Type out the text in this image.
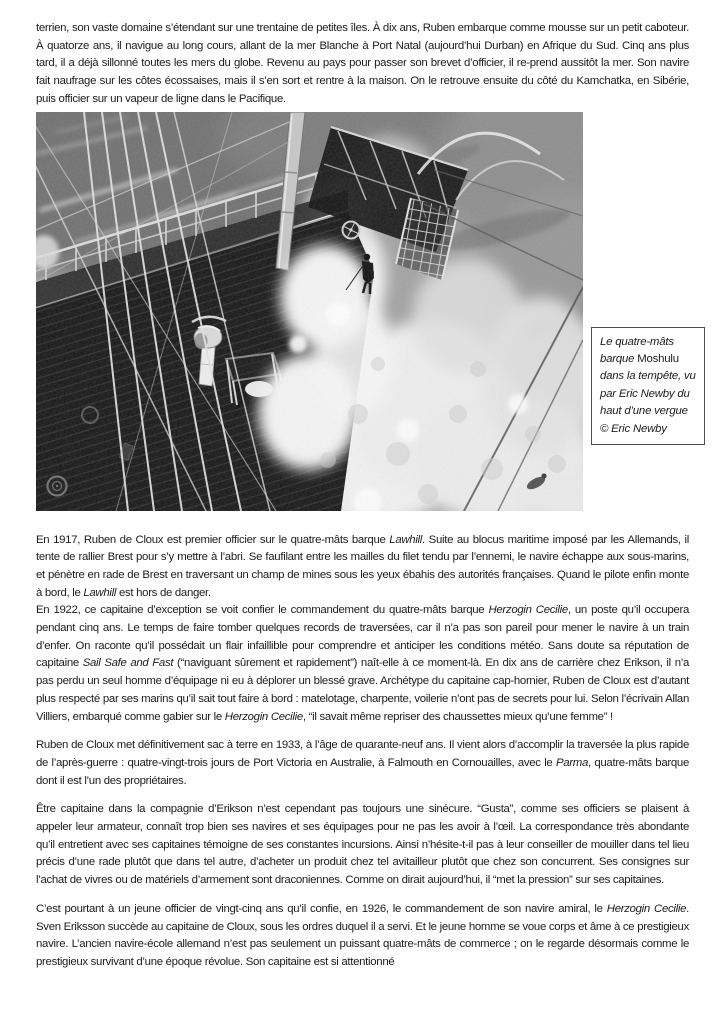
terrien, son vaste domaine s’étendant sur une trentaine de petites îles. À dix ans, Ruben embarque comme mousse sur un petit caboteur. À quatorze ans, il navigue au long cours, allant de la mer Blanche à Port Natal (aujourd’hui Durban) en Afrique du Sud. Cinq ans plus tard, il a déjà sillonné toutes les mers du globe. Revenu au pays pour passer son brevet d’officier, il re-prend aussitôt la mer. Son navire fait naufrage sur les côtes écossaises, mais il s’en sort et rentre à la maison. On le retrouve ensuite du côté du Kamchatka, en Sibérie, puis officier sur un vapeur de ligne dans le Pacifique.

Le quatre-mâts barque Moshulu dans la tempête, vu par Eric Newby du haut d’une vergue © Eric Newby

En 1917, Ruben de Cloux est premier officier sur le quatre-mâts barque Lawhill. Suite au blocus maritime imposé par les Allemands, il tente de rallier Brest pour s’y mettre à l’abri. Se faufilant entre les mailles du filet tendu par l’ennemi, le navire échappe aux sous-marins, et pénètre en rade de Brest en traversant un champ de mines sous les yeux ébahis des autorités françaises. Quand le pilote enfin monte à bord, le Lawhill est hors de danger.

En 1922, ce capitaine d’exception se voit confier le commandement du quatre-mâts barque Herzogin Cecilie, un poste qu’il occupera pendant cinq ans. Le temps de faire tomber quelques records de traversées, car il n’a pas son pareil pour mener le navire à un train d’enfer. On raconte qu’il possédait un flair infaillible pour comprendre et anticiper les conditions météo. Sans doute sa réputation de capitaine Sail Safe and Fast (“naviguant sûrement et rapidement”) naît-elle à ce moment-là. En dix ans de carrière chez Erikson, il n’a pas perdu un seul homme d’équipage ni eu à déplorer un blessé grave. Archétype du capitaine cap-hornier, Ruben de Cloux est d’autant plus respecté par ses marins qu’il sait tout faire à bord : matelotage, charpente, voilerie n’ont pas de secrets pour lui. Selon l’écrivain Allan Villiers, embarqué comme gabier sur le Herzogin Cecilie, “il savait même repriser des chaussettes mieux qu’une femme” !

Ruben de Cloux met définitivement sac à terre en 1933, à l’âge de quarante-neuf ans. Il vient alors d’accomplir la traversée la plus rapide de l’après-guerre : quatre-vingt-trois jours de Port Victoria en Australie, à Falmouth en Cornouailles, avec le Parma, quatre-mâts barque dont il est l’un des propriétaires.

Être capitaine dans la compagnie d’Erikson n’est cependant pas toujours une sinécure. “Gusta”, comme ses officiers se plaisent à appeler leur armateur, connaît trop bien ses navires et ses équipages pour ne pas les avoir à l’œil. La correspondance très abondante qu’il entretient avec ses capitaines témoigne de ses constantes incursions. Ainsi n’hésite-t-il pas à leur conseiller de mouiller dans tel lieu précis d’une rade plutôt que dans tel autre, d’acheter un produit chez tel avitailleur plutôt que chez son concurrent. Ses consignes sur l’achat de vivres ou de matériels d’armement sont draconiennes. Comme on dirait aujourd’hui, il “met la pression” sur ses capitaines.

C’est pourtant à un jeune officier de vingt-cinq ans qu’il confie, en 1926, le commandement de son navire amiral, le Herzogin Cecilie. Sven Eriksson succède au capitaine de Cloux, sous les ordres duquel il a servi. Et le jeune homme se voue corps et âme à ce prestigieux navire. L’ancien navire-école allemand n’est pas seulement un puissant quatre-mâts de commerce ; on le regarde désormais comme le prestigieux survivant d’une époque révolue. Son capitaine est si attentionné
